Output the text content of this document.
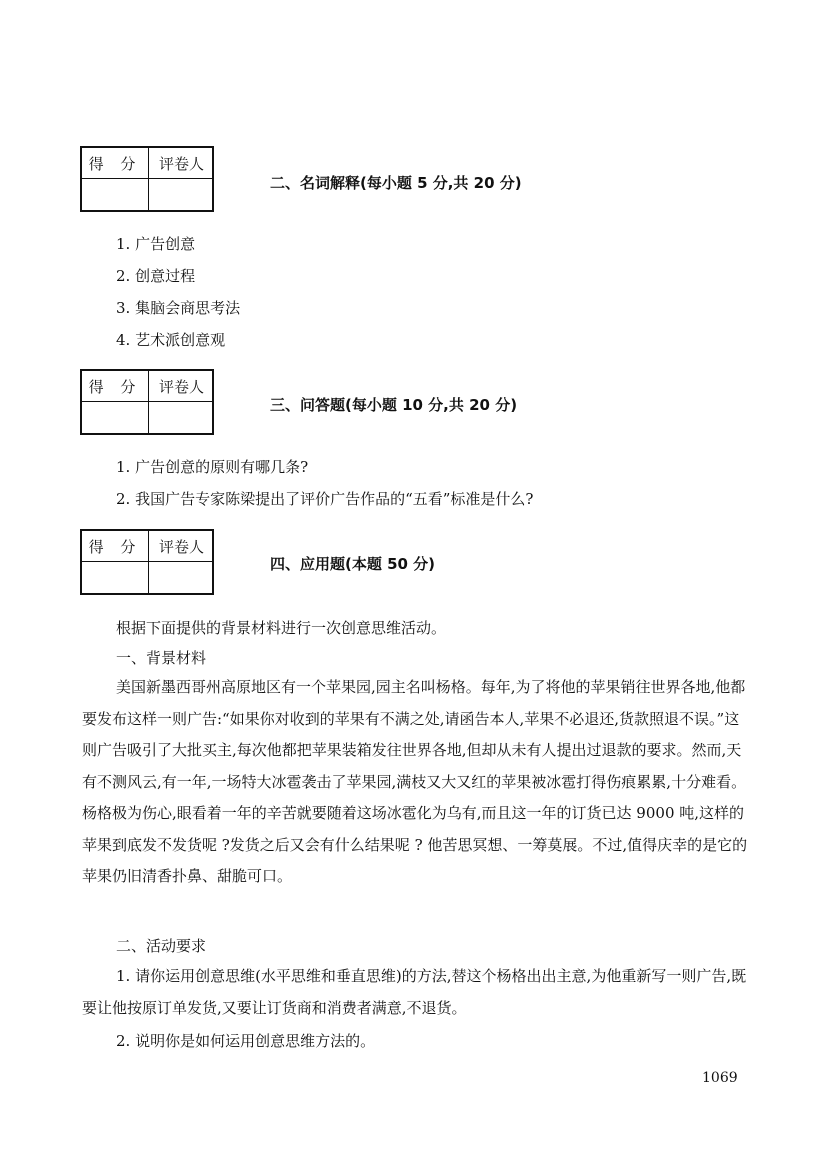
得 分	评卷人
二、名词解释(每小题 5 分,共 20 分)
1. 广告创意
2. 创意过程
3. 集脑会商思考法
4. 艺术派创意观
得 分	评卷人
三、问答题(每小题 10 分,共 20 分)
1. 广告创意的原则有哪几条?
2. 我国广告专家陈梁提出了评价广告作品的“五看”标准是什么?
得 分	评卷人
四、应用题(本题 50 分)
根据下面提供的背景材料进行一次创意思维活动。
一、背景材料
美国新墨西哥州高原地区有一个苹果园,园主名叫杨格。每年,为了将他的苹果销往世界各地,他都要发布这样一则广告:“如果你对收到的苹果有不满之处,请函告本人,苹果不必退还,货款照退不误。”这则广告吸引了大批买主,每次他都把苹果装箱发往世界各地,但却从未有人提出过退款的要求。然而,天有不测风云,有一年,一场特大冰雹袭击了苹果园,满枝又大又红的苹果被冰雹打得伤痕累累,十分难看。杨格极为伤心,眼看着一年的辛苦就要随着这场冰雹化为乌有,而且这一年的订货已达 9000 吨,这样的苹果到底发不发货呢 ?发货之后又会有什么结果呢 ? 他苦思冥想、一筹莫展。不过,值得庆幸的是它的苹果仍旧清香扑鼻、甜脆可口。
二、活动要求
1. 请你运用创意思维(水平思维和垂直思维)的方法,替这个杨格出出主意,为他重新写一则广告,既要让他按原订单发货,又要让订货商和消费者满意,不退货。
2. 说明你是如何运用创意思维方法的。
1069
